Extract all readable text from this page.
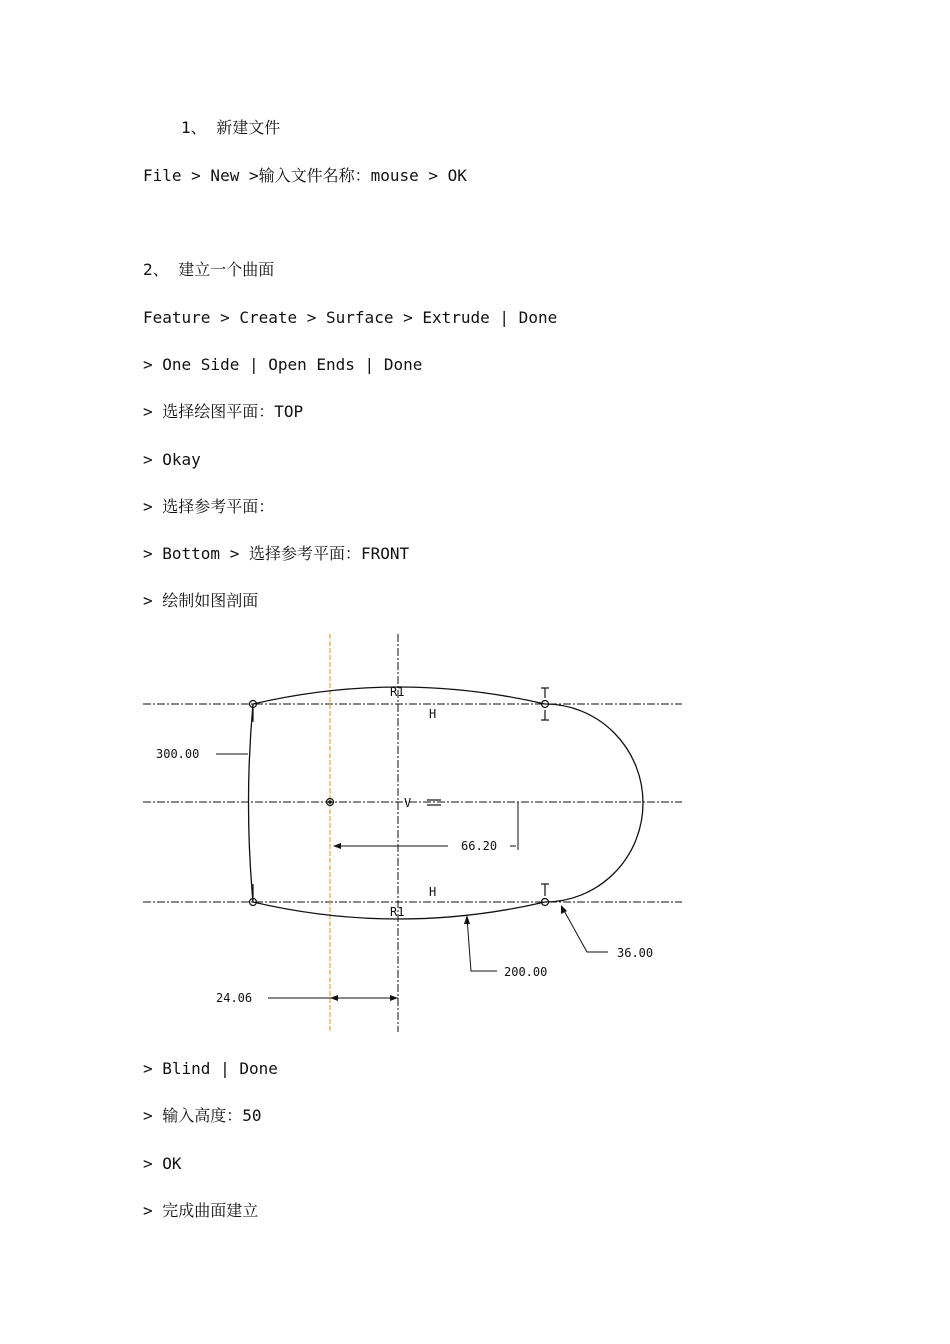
1、 新建文件
File > New >输入文件名称：mouse > OK
2、 建立一个曲面
Feature > Create > Surface > Extrude | Done
> One Side | Open Ends | Done
> 选择绘图平面：TOP
> Okay
> 选择参考平面：
> Bottom > 选择参考平面：FRONT
> 绘制如图剖面
R1
R1
H
H
V
300.00
66.20
24.06
200.00
36.00
> Blind | Done
> 输入高度：50
> OK
> 完成曲面建立
